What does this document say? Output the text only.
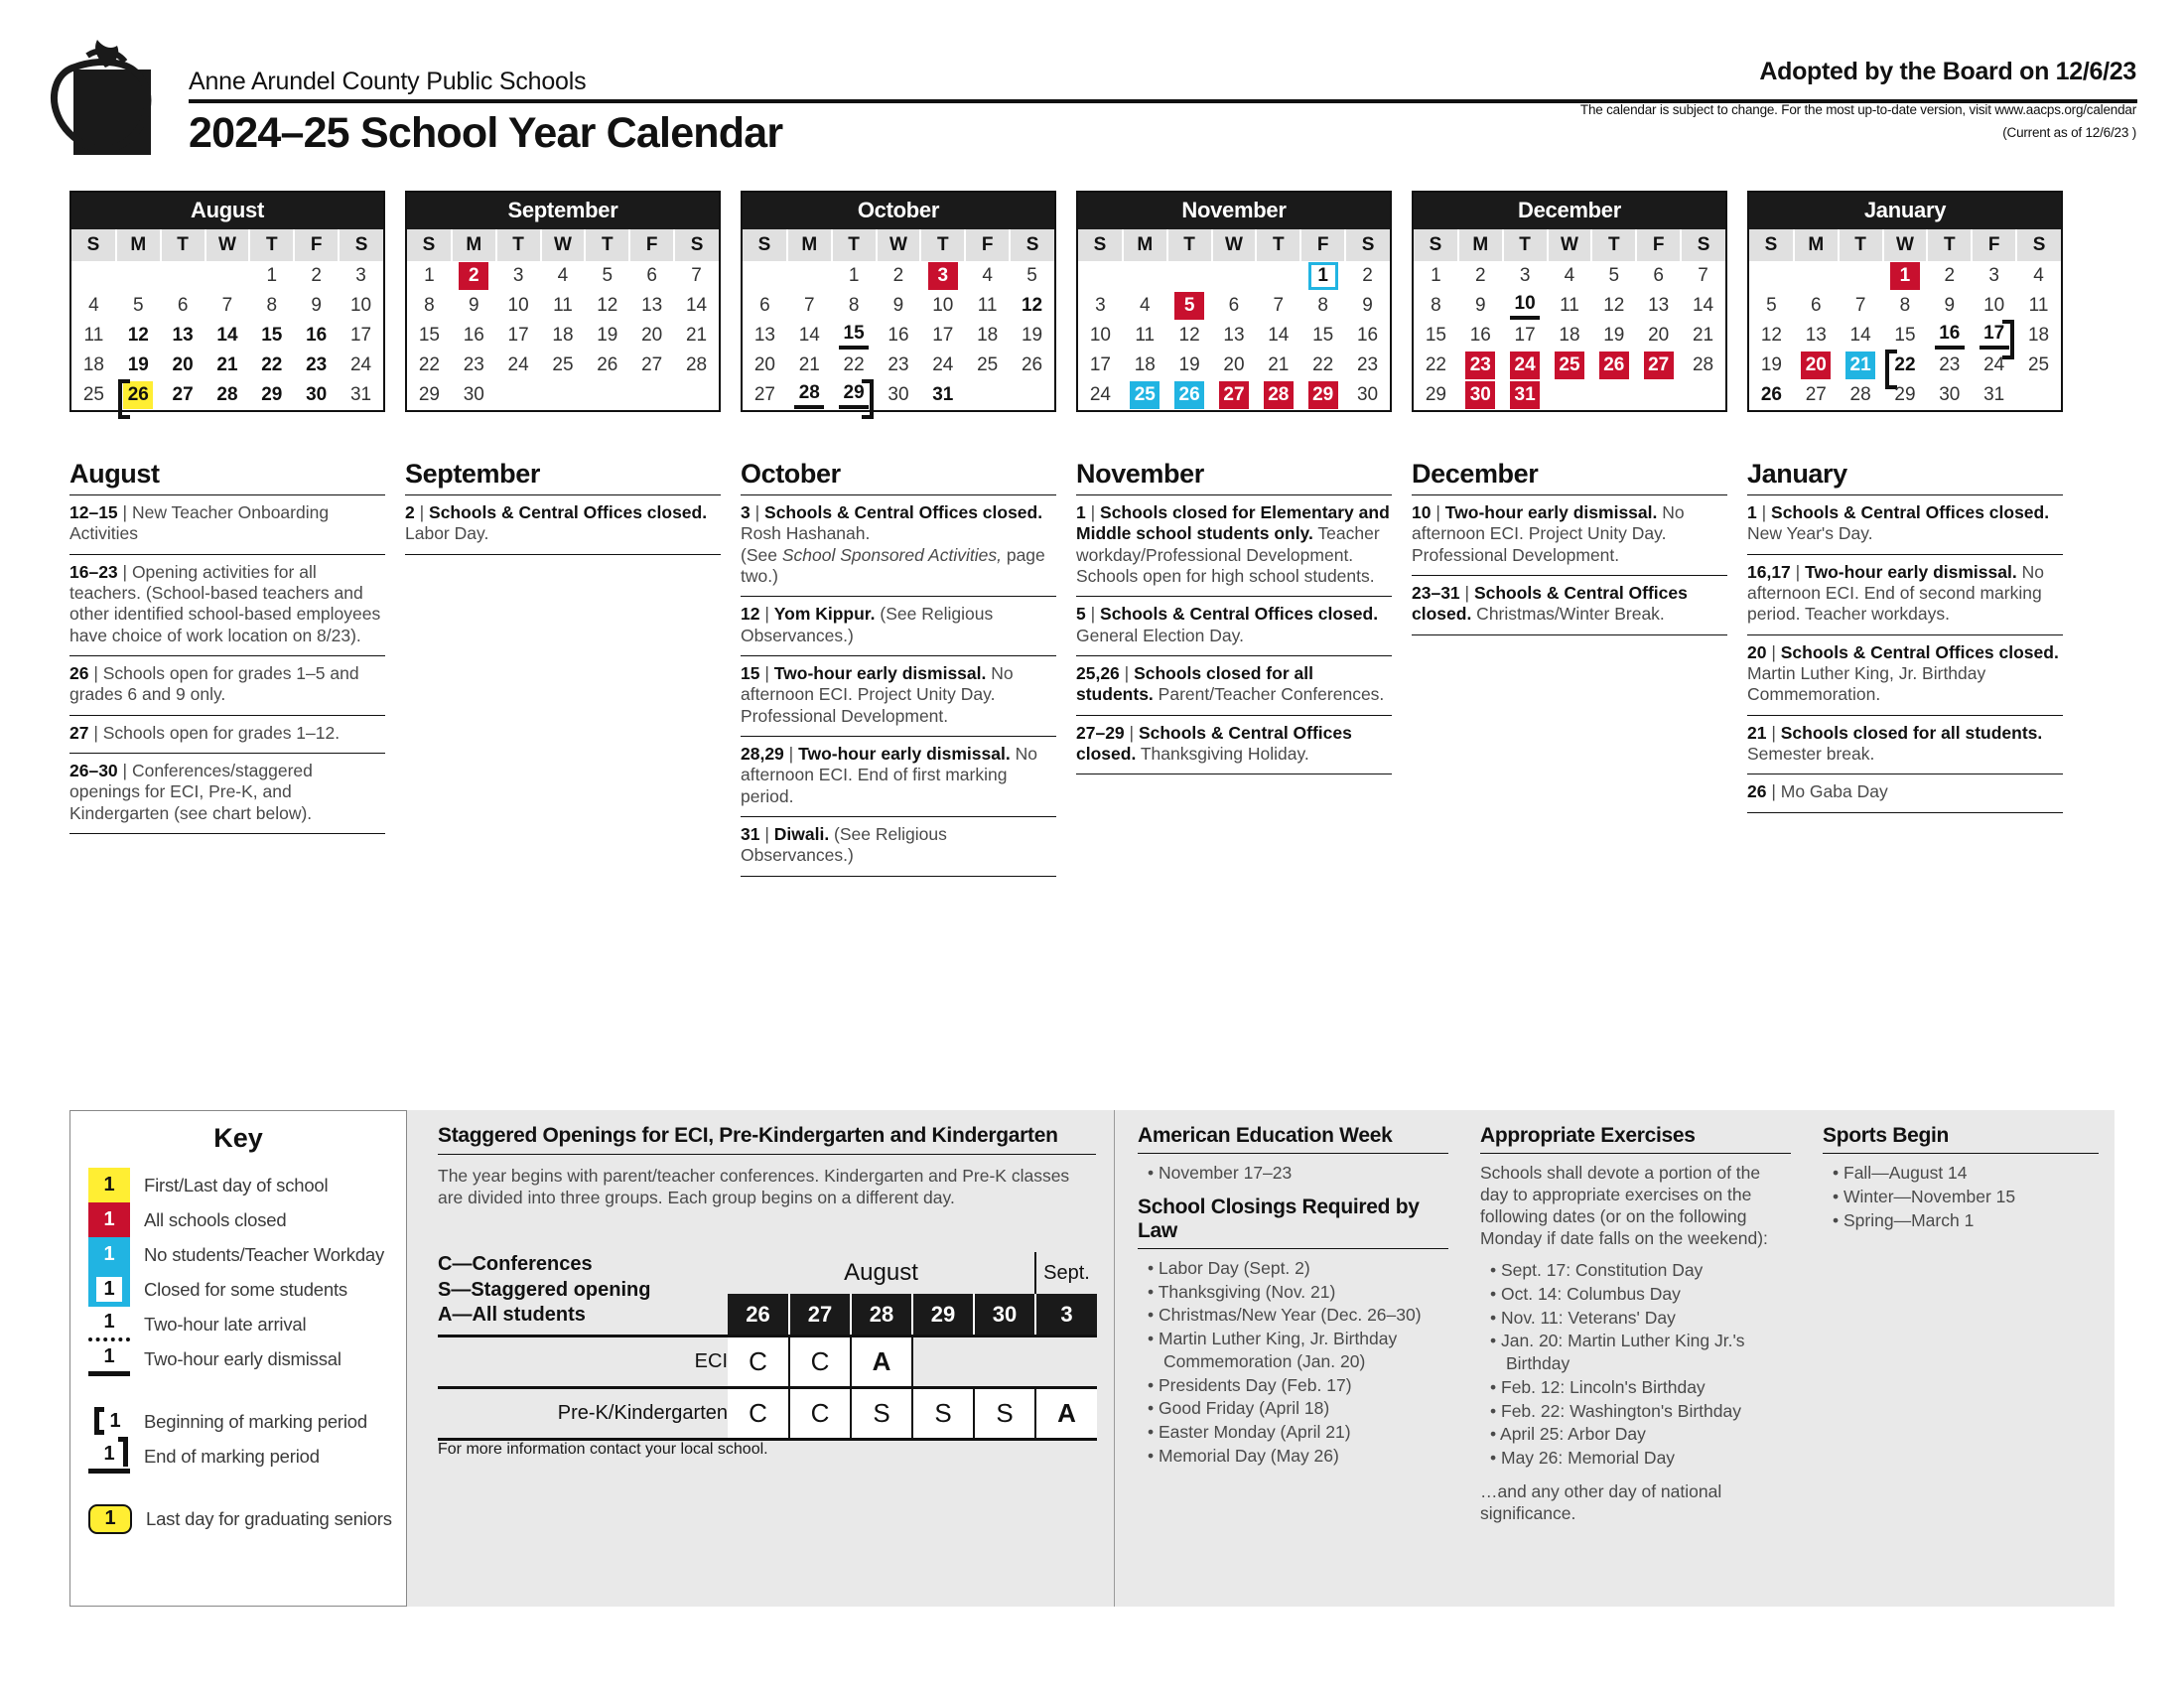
Anne Arundel County Public Schools
2024–25 School Year Calendar
Adopted by the Board on 12/6/23
The calendar is subject to change. For the most up-to-date version, visit www.aacps.org/calendar
(Current as of 12/6/23 )
August
S	M	T	W	T	F	S
				1	2	3
4	5	6	7	8	9	10
11	12	13	14	15	16	17
18	19	20	21	22	23	24
25	26	27	28	29	30	31
September
S	M	T	W	T	F	S
1	2	3	4	5	6	7
8	9	10	11	12	13	14
15	16	17	18	19	20	21
22	23	24	25	26	27	28
29	30					
October
S	M	T	W	T	F	S
		1	2	3	4	5
6	7	8	9	10	11	12
13	14	15	16	17	18	19
20	21	22	23	24	25	26
27	28	29	30	31		
November
S	M	T	W	T	F	S
					1	2
3	4	5	6	7	8	9
10	11	12	13	14	15	16
17	18	19	20	21	22	23
24	25	26	27	28	29	30
December
S	M	T	W	T	F	S
1	2	3	4	5	6	7
8	9	10	11	12	13	14
15	16	17	18	19	20	21
22	23	24	25	26	27	28
29	30	31				
January
S	M	T	W	T	F	S
			1	2	3	4
5	6	7	8	9	10	11
12	13	14	15	16	17	18
19	20	21	22	23	24	25
26	27	28	29	30	31	
August
12–15 | New Teacher Onboarding Activities
16–23 | Opening activities for all teachers. (School-based teachers and other identified school-based employees have choice of work location on 8/23).
26 | Schools open for grades 1–5 and grades 6 and 9 only.
27 | Schools open for grades 1–12.
26–30 | Conferences/staggered openings for ECI, Pre-K, and Kindergarten (see chart below).
September
2 | Schools & Central Offices closed. Labor Day.
October
3 | Schools & Central Offices closed. Rosh Hashanah.
(See School Sponsored Activities, page two.)
12 | Yom Kippur. (See Religious Observances.)
15 | Two-hour early dismissal. No afternoon ECI. Project Unity Day. Professional Development.
28,29 | Two-hour early dismissal. No afternoon ECI. End of first marking period.
31 | Diwali. (See Religious Observances.)
November
1 | Schools closed for Elementary and Middle school students only. Teacher workday/Professional Development. Schools open for high school students.
5 | Schools & Central Offices closed. General Election Day.
25,26 | Schools closed for all students. Parent/Teacher Conferences.
27–29 | Schools & Central Offices closed. Thanksgiving Holiday.
December
10 | Two-hour early dismissal. No afternoon ECI. Project Unity Day. Professional Development.
23–31 | Schools & Central Offices closed. Christmas/Winter Break.
January
1 | Schools & Central Offices closed. New Year's Day.
16,17 | Two-hour early dismissal. No afternoon ECI. End of second marking period. Teacher workdays.
20 | Schools & Central Offices closed. Martin Luther King, Jr. Birthday Commemoration.
21 | Schools closed for all students. Semester break.
26 | Mo Gaba Day
Key
1	First/Last day of school
1	All schools closed
1	No students/Teacher Workday
1	Closed for some students
1	Two-hour late arrival
1	Two-hour early dismissal
1 Beginning of marking period
1	End of marking period
1	Last day for graduating seniors
Staggered Openings for ECI, Pre-Kindergarten and Kindergarten
The year begins with parent/teacher conferences. Kindergarten and Pre-K classes are divided into three groups. Each group begins on a different day.
C—Conferences
S—Staggered opening
A—All students	August					Sept.
	26	27	28	29	30	3
ECI	C	C	A			
Pre-K/Kindergarten	C	C	S	S	S	A
For more information contact your local school.
American Education Week
• November 17–23
School Closings Required by Law
• Labor Day (Sept. 2)
• Thanksgiving (Nov. 21)
• Christmas/New Year (Dec. 26–30)
• Martin Luther King, Jr. Birthday Commemoration (Jan. 20)
• Presidents Day (Feb. 17)
• Good Friday (April 18)
• Easter Monday (April 21)
• Memorial Day (May 26)
Appropriate Exercises
Schools shall devote a portion of the day to appropriate exercises on the following dates (or on the following Monday if date falls on the weekend):
• Sept. 17: Constitution Day
• Oct. 14: Columbus Day
• Nov. 11: Veterans' Day
• Jan. 20: Martin Luther King Jr.'s Birthday
• Feb. 12: Lincoln's Birthday
• Feb. 22: Washington's Birthday
• April 25: Arbor Day
• May 26: Memorial Day
…and any other day of national significance.
Sports Begin
• Fall—August 14
• Winter—November 15
• Spring—March 1
